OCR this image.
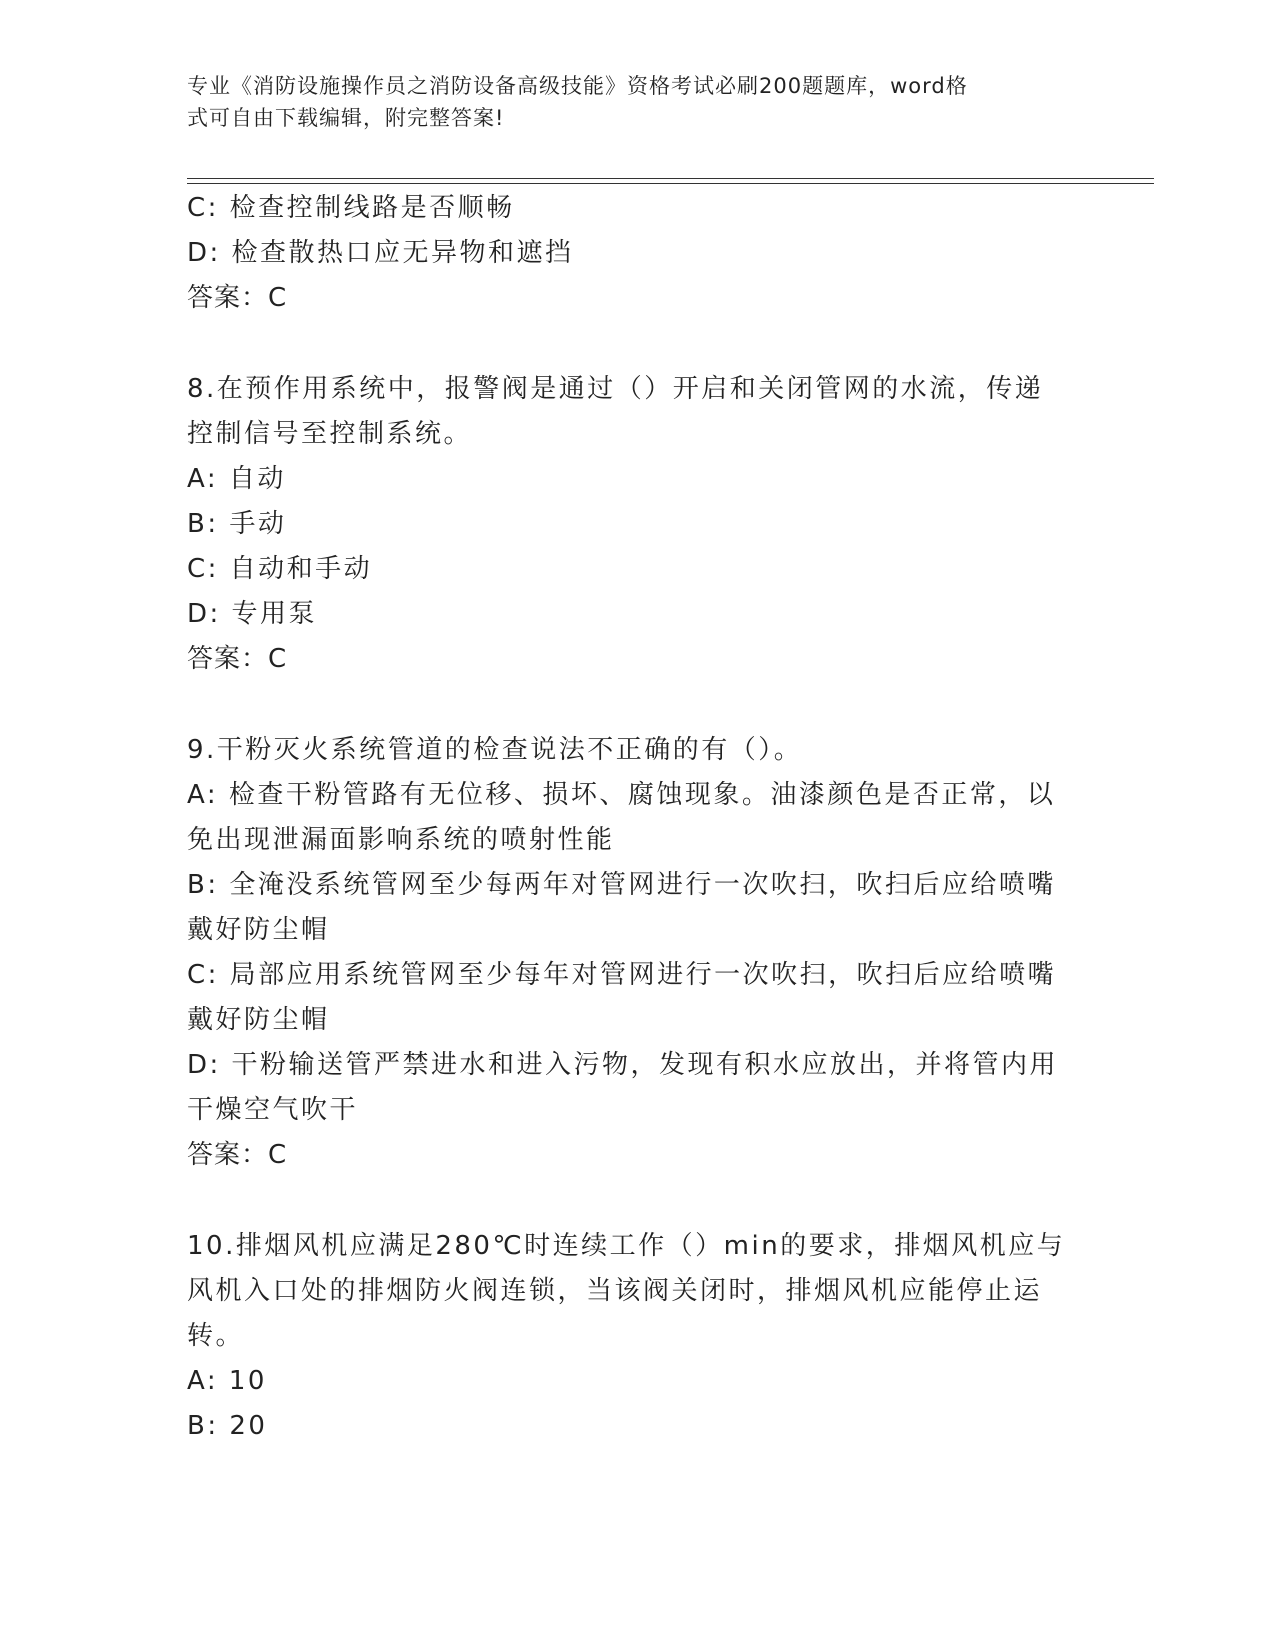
专业《消防设施操作员之消防设备高级技能》资格考试必刷200题题库，word格
式可自由下载编辑，附完整答案!
C: 检查控制线路是否顺畅
D: 检查散热口应无异物和遮挡
答案：C
8.在预作用系统中，报警阀是通过（）开启和关闭管网的水流，传递
控制信号至控制系统。
A: 自动
B: 手动
C: 自动和手动
D: 专用泵
答案：C
9.干粉灭火系统管道的检查说法不正确的有（）。
A: 检查干粉管路有无位移、损坏、腐蚀现象。油漆颜色是否正常，以
免出现泄漏面影响系统的喷射性能
B: 全淹没系统管网至少每两年对管网进行一次吹扫，吹扫后应给喷嘴
戴好防尘帽
C: 局部应用系统管网至少每年对管网进行一次吹扫，吹扫后应给喷嘴
戴好防尘帽
D: 干粉输送管严禁进水和进入污物，发现有积水应放出，并将管内用
干燥空气吹干
答案：C
10.排烟风机应满足280℃时连续工作（）min的要求，排烟风机应与
风机入口处的排烟防火阀连锁，当该阀关闭时，排烟风机应能停止运
转。
A: 10
B: 20
